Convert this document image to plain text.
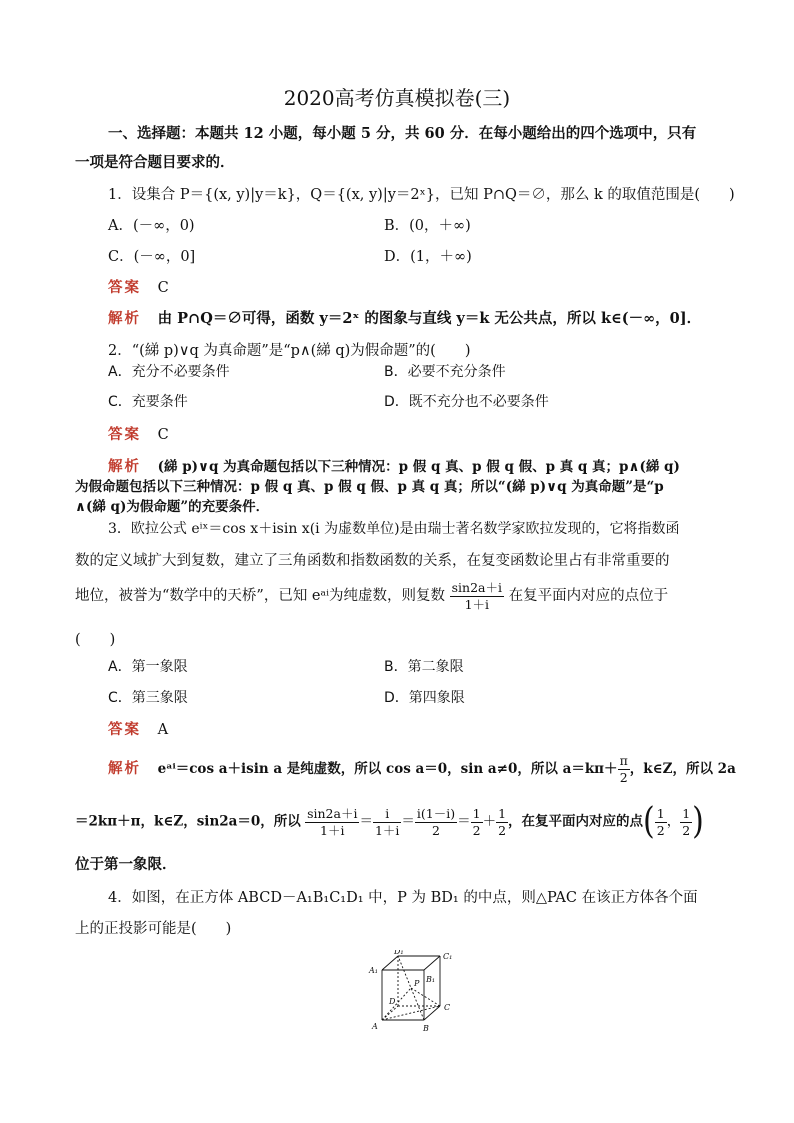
2020高考仿真模拟卷(三)
一、选择题：本题共 12 小题，每小题 5 分，共 60 分．在每小题给出的四个选项中，只有
一项是符合题目要求的．
1．设集合 P＝{(x, y)|y＝k}，Q＝{(x, y)|y＝2ˣ}，已知 P∩Q＝∅，那么 k 的取值范围是(　　)
A．(－∞，0)	B．(0，＋∞)
C．(－∞，0]	D．(1，＋∞)
答案 C
解析 由 P∩Q＝∅可得，函数 y＝2ˣ 的图象与直线 y＝k 无公共点，所以 k∈(－∞，0]．
2．“(綈 p)∨q 为真命题”是“p∧(綈 q)为假命题”的(　　)
A．充分不必要条件	B．必要不充分条件
C．充要条件	D．既不充分也不必要条件
答案 C
解析 (綈 p)∨q 为真命题包括以下三种情况：p 假 q 真、p 假 q 假、p 真 q 真；p∧(綈 q)
为假命题包括以下三种情况：p 假 q 真、p 假 q 假、p 真 q 真；所以“(綈 p)∨q 为真命题”是“p
∧(綈 q)为假命题”的充要条件．
3．欧拉公式 eⁱˣ＝cos x＋isin x(i 为虚数单位)是由瑞士著名数学家欧拉发现的，它将指数函
数的定义域扩大到复数，建立了三角函数和指数函数的关系，在复变函数论里占有非常重要的
地位，被誉为“数学中的天桥”，已知 eᵃⁱ为纯虚数，则复数 $\frac{\sin 2a+i}{1+i}$ 在复平面内对应的点位于
(　　)
A．第一象限	B．第二象限
C．第三象限	D．第四象限
答案 A
解析 eᵃⁱ＝cos a＋isin a 是纯虚数，所以 cos a＝0，sin a≠0，所以 $a=k\pi+ \frac{\pi}{2}$ ，k∈Z，所以 2a
＝2kπ＋π，k∈Z，sin2a＝0，所以 $\frac{\sin 2a+i}{1+i} = \frac{i}{1+i} = \frac{i(1-i)}{2} = \frac{1}{2} + \frac{1}{2}$ ，在复平面内对应的点( $\frac{1}{2}$ ， $\frac{1}{2}$ )
位于第一象限．
4．如图，在正方体 ABCD－A₁B₁C₁D₁ 中，P 为 BD₁ 的中点，则△PAC 在该正方体各个面
上的正投影可能是(　　)
A	B
C
D
A₁
B₁
C₁
D₁
P
